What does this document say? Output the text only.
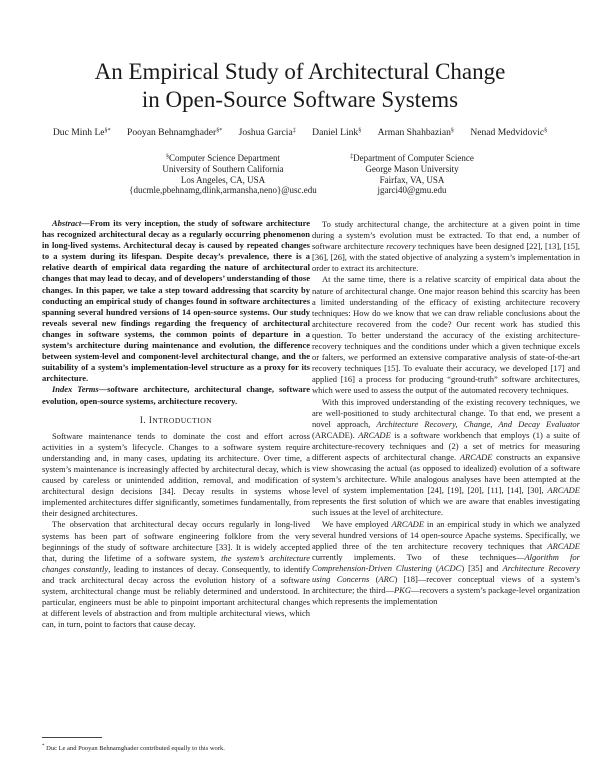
An Empirical Study of Architectural Change
in Open-Source Software Systems
Duc Minh Le§* Pooyan Behnamghader§* Joshua Garcia‡ Daniel Link§ Arman Shahbazian§ Nenad Medvidovic§
§Computer Science Department
University of Southern California
Los Angeles, CA, USA
{ducmle,pbehnamg,dlink,armansha,neno}@usc.edu
‡Department of Computer Science
George Mason University
Fairfax, VA, USA
jgarci40@gmu.edu

Abstract—From its very inception, the study of software architecture has recognized architectural decay as a regularly occurring phenomenon in long-lived systems. Architectural decay is caused by repeated changes to a system during its lifespan. Despite decay’s prevalence, there is a relative dearth of empirical data regarding the nature of architectural changes that may lead to decay, and of developers’ understanding of those changes. In this paper, we take a step toward addressing that scarcity by conducting an empirical study of changes found in software architectures spanning several hundred versions of 14 open-source systems. Our study reveals several new findings regarding the frequency of architectural changes in software systems, the common points of departure in a system’s architecture during maintenance and evolution, the difference between system-level and component-level architectural change, and the suitability of a system’s implementation-level structure as a proxy for its architecture.

Index Terms—software architecture, architectural change, software evolution, open-source systems, architecture recovery.

I. INTRODUCTION

Software maintenance tends to dominate the cost and effort across activities in a system’s lifecycle. Changes to a software system require understanding and, in many cases, updating its architecture. Over time, a system’s maintenance is increasingly affected by architectural decay, which is caused by careless or unintended addition, removal, and modification of architectural design decisions [34]. Decay results in systems whose implemented architectures differ significantly, sometimes fundamentally, from their designed architectures.

The observation that architectural decay occurs regularly in long-lived systems has been part of software engineering folklore from the very beginnings of the study of software architecture [33]. It is widely accepted that, during the lifetime of a software system, the system’s architecture changes constantly, leading to instances of decay. Consequently, to identify and track architectural decay across the evolution history of a software system, architectural change must be reliably determined and understood. In particular, engineers must be able to pinpoint important architectural changes at different levels of abstraction and from multiple architectural views, which can, in turn, point to factors that cause decay.

To study architectural change, the architecture at a given point in time during a system’s evolution must be extracted. To that end, a number of software architecture recovery techniques have been designed [22], [13], [15], [36], [26], with the stated objective of analyzing a system’s implementation in order to extract its architecture.

At the same time, there is a relative scarcity of empirical data about the nature of architectural change. One major reason behind this scarcity has been a limited understanding of the efficacy of existing architecture recovery techniques: How do we know that we can draw reliable conclusions about the architecture recovered from the code? Our recent work has studied this question. To better understand the accuracy of the existing architecture-recovery techniques and the conditions under which a given technique excels or falters, we performed an extensive comparative analysis of state-of-the-art recovery techniques [15]. To evaluate their accuracy, we developed [17] and applied [16] a process for producing “ground-truth” software architectures, which were used to assess the output of the automated recovery techniques.

With this improved understanding of the existing recovery techniques, we are well-positioned to study architectural change. To that end, we present a novel approach, Architecture Recovery, Change, And Decay Evaluator (ARCADE). ARCADE is a software workbench that employs (1) a suite of architecture-recovery techniques and (2) a set of metrics for measuring different aspects of architectural change. ARCADE constructs an expansive view showcasing the actual (as opposed to idealized) evolution of a software system’s architecture. While analogous analyses have been attempted at the level of system implementation [24], [19], [20], [11], [14], [30], ARCADE represents the first solution of which we are aware that enables investigating such issues at the level of architecture.

We have employed ARCADE in an empirical study in which we analyzed several hundred versions of 14 open-source Apache systems. Specifically, we applied three of the ten architecture recovery techniques that ARCADE currently implements. Two of these techniques—Algorithm for Comprehension-Driven Clustering (ACDC) [35] and Architecture Recovery using Concerns (ARC) [18]—recover conceptual views of a system’s architecture; the third—PKG—recovers a system’s package-level organization which represents the implementation

* Duc Le and Pooyan Behnamghader contributed equally to this work.
